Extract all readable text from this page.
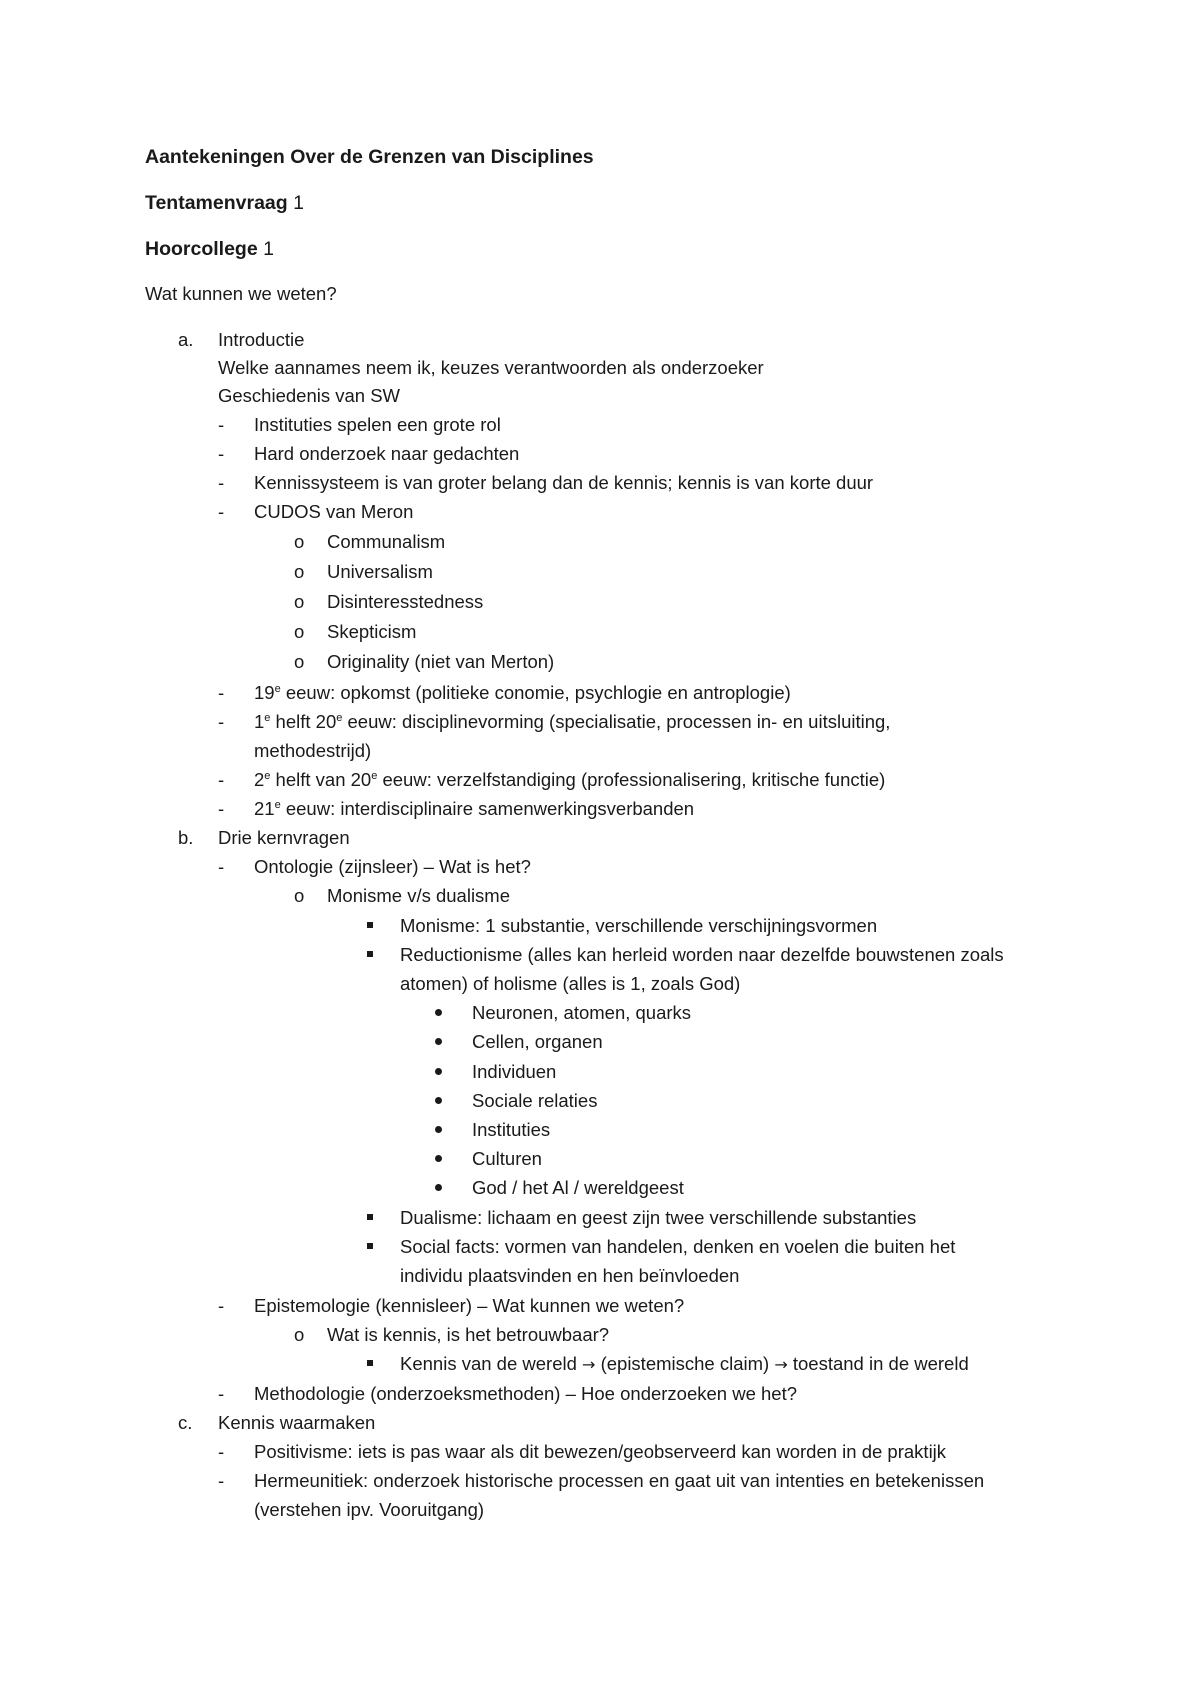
Aantekeningen Over de Grenzen van Disciplines
Tentamenvraag 1
Hoorcollege 1
Wat kunnen we weten?
a. Introductie
Welke aannames neem ik, keuzes verantwoorden als onderzoeker
Geschiedenis van SW
- Instituties spelen een grote rol
- Hard onderzoek naar gedachten
- Kennissysteem is van groter belang dan de kennis; kennis is van korte duur
- CUDOS van Meron
o Communalism
o Universalism
o Disinteresstedness
o Skepticism
o Originality (niet van Merton)
- 19e eeuw: opkomst (politieke conomie, psychlogie en antroplogie)
- 1e helft 20e eeuw: disciplinevorming (specialisatie, processen in- en uitsluiting,
methodestrijd)
- 2e helft van 20e eeuw: verzelfstandiging (professionalisering, kritische functie)
- 21e eeuw: interdisciplinaire samenwerkingsverbanden
b. Drie kernvragen
- Ontologie (zijnsleer) – Wat is het?
o Monisme v/s dualisme
Monisme: 1 substantie, verschillende verschijningsvormen
Reductionisme (alles kan herleid worden naar dezelfde bouwstenen zoals
atomen) of holisme (alles is 1, zoals God)
Neuronen, atomen, quarks
Cellen, organen
Individuen
Sociale relaties
Instituties
Culturen
God / het Al / wereldgeest
Dualisme: lichaam en geest zijn twee verschillende substanties
Social facts: vormen van handelen, denken en voelen die buiten het
individu plaatsvinden en hen beïnvloeden
- Epistemologie (kennisleer) – Wat kunnen we weten?
o Wat is kennis, is het betrouwbaar?
Kennis van de wereld → (epistemische claim) → toestand in de wereld
- Methodologie (onderzoeksmethoden) – Hoe onderzoeken we het?
c. Kennis waarmaken
- Positivisme: iets is pas waar als dit bewezen/geobserveerd kan worden in de praktijk
- Hermeunitiek: onderzoek historische processen en gaat uit van intenties en betekenissen
(verstehen ipv. Vooruitgang)
